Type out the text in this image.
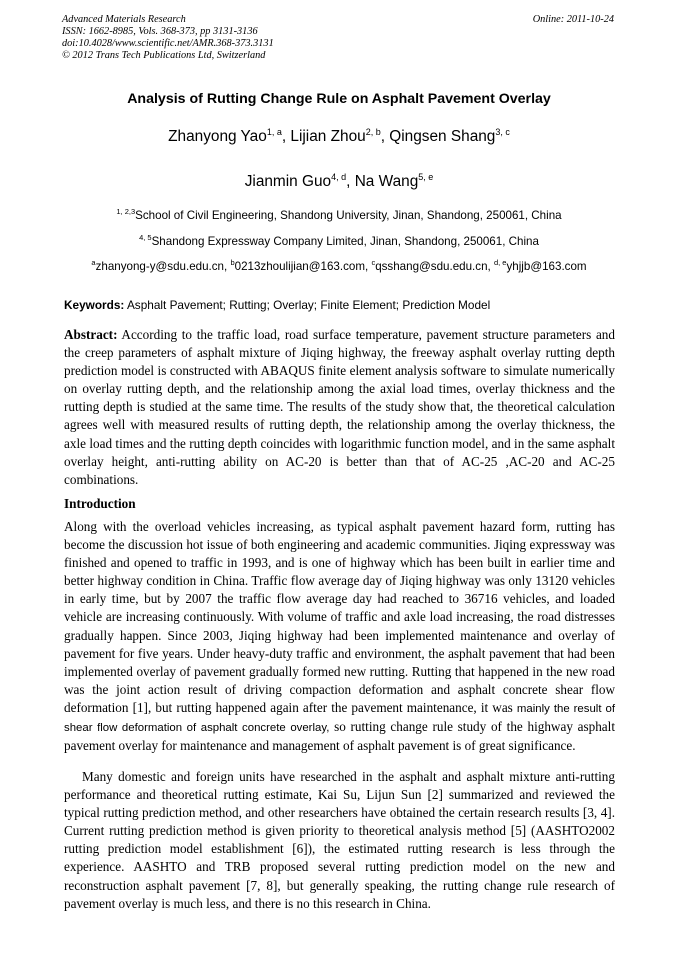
Advanced Materials Research
ISSN: 1662-8985, Vols. 368-373, pp 3131-3136
doi:10.4028/www.scientific.net/AMR.368-373.3131
© 2012 Trans Tech Publications Ltd, Switzerland
Online: 2011-10-24
Analysis of Rutting Change Rule on Asphalt Pavement Overlay
Zhanyong Yao$^{1, a}$, Lijian Zhou$^{2, b}$, Qingsen Shang$^{3, c}$
Jianmin Guo$^{4, d}$, Na Wang$^{5, e}$
$^{1, 2,3}$School of Civil Engineering, Shandong University, Jinan, Shandong, 250061, China
$^{4, 5}$Shandong Expressway Company Limited, Jinan, Shandong, 250061, China
$^a$zhanyong-y@sdu.edu.cn, $^b$0213zhoulijian@163.com, $^c$qsshang@sdu.edu.cn, $^{d, e}$yhjjb@163.com
Keywords: Asphalt Pavement; Rutting; Overlay; Finite Element; Prediction Model
Abstract: According to the traffic load, road surface temperature, pavement structure parameters and the creep parameters of asphalt mixture of Jiqing highway, the freeway asphalt overlay rutting depth prediction model is constructed with ABAQUS finite element analysis software to simulate numerically on overlay rutting depth, and the relationship among the axial load times, overlay thickness and the rutting depth is studied at the same time. The results of the study show that, the theoretical calculation agrees well with measured results of rutting depth, the relationship among the overlay thickness, the axle load times and the rutting depth coincides with logarithmic function model, and in the same asphalt overlay height, anti-rutting ability on AC-20 is better than that of AC-25 ,AC-20 and AC-25 combinations.
Introduction
Along with the overload vehicles increasing, as typical asphalt pavement hazard form, rutting has become the discussion hot issue of both engineering and academic communities. Jiqing expressway was finished and opened to traffic in 1993, and is one of highway which has been built in earlier time and better highway condition in China. Traffic flow average day of Jiqing highway was only 13120 vehicles in early time, but by 2007 the traffic flow average day had reached to 36716 vehicles, and loaded vehicle are increasing continuously. With volume of traffic and axle load increasing, the road distresses gradually happen. Since 2003, Jiqing highway had been implemented maintenance and overlay of pavement for five years. Under heavy-duty traffic and environment, the asphalt pavement that had been implemented overlay of pavement gradually formed new rutting. Rutting that happened in the new road was the joint action result of driving compaction deformation and asphalt concrete shear flow deformation [1], but rutting happened again after the pavement maintenance, it was mainly the result of shear flow deformation of asphalt concrete overlay, so rutting change rule study of the highway asphalt pavement overlay for maintenance and management of asphalt pavement is of great significance.
Many domestic and foreign units have researched in the asphalt and asphalt mixture anti-rutting performance and theoretical rutting estimate, Kai Su, Lijun Sun [2] summarized and reviewed the typical rutting prediction method, and other researchers have obtained the certain research results [3, 4]. Current rutting prediction method is given priority to theoretical analysis method [5] (AASHTO2002 rutting prediction model establishment [6]), the estimated rutting research is less through the experience. AASHTO and TRB proposed several rutting prediction model on the new and reconstruction asphalt pavement [7, 8], but generally speaking, the rutting change rule research of pavement overlay is much less, and there is no this research in China.
